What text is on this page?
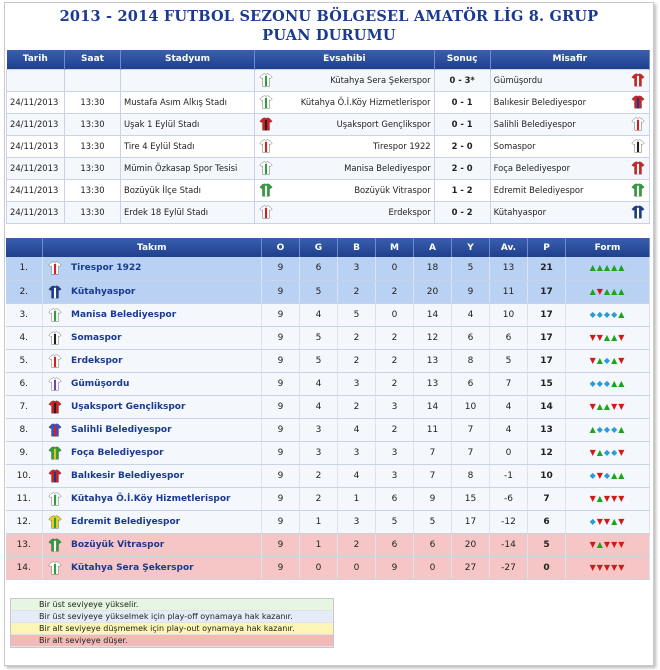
2013 - 2014 FUTBOL SEZONU BÖLGESEL AMATÖR LİG 8. GRUP
PUAN DURUMU
Tarih	Saat	Stadyum	Evsahibi		Sonuç	Misafir	
				Kütahya Sera Şekerspor	0 - 3*	Gümüşordu	
24/11/2013	13:30	Mustafa Asım Alkış Stadı		Kütahya Ö.İ.Köy Hizmetlerispor	0 - 1	Balıkesir Belediyespor	
24/11/2013	13:30	Uşak 1 Eylül Stadı		Uşaksport Gençlikspor	0 - 1	Salihli Belediyespor	
24/11/2013	13:30	Tire 4 Eylül Stadı		Tirespor 1922	2 - 0	Somaspor	
24/11/2013	13:30	Mümin Özkasap Spor Tesisi		Manisa Belediyespor	2 - 0	Foça Belediyespor	
24/11/2013	13:30	Bozüyük İlçe Stadı		Bozüyük Vitraspor	1 - 2	Edremit Belediyespor	
24/11/2013	13:30	Erdek 18 Eylül Stadı		Erdekspor	0 - 2	Kütahyaspor	
	Takım		O	G	B	M	A	Y	Av.	P	Form
1.		Tirespor 1922	9	6	3	0	18	5	13	21	▲▲▲▲▲
2.		Kütahyaspor	9	5	2	2	20	9	11	17	▲▼▲▲▲
3.		Manisa Belediyespor	9	4	5	0	14	4	10	17	◆◆◆◆▲
4.		Somaspor	9	5	2	2	12	6	6	17	▼▼▲▲▼
5.		Erdekspor	9	5	2	2	13	8	5	17	▼▲◆▲▼
6.		Gümüşordu	9	4	3	2	13	6	7	15	◆◆◆▲▲
7.		Uşaksport Gençlikspor	9	4	2	3	14	10	4	14	▼▲▲▼▼
8.		Salihli Belediyespor	9	3	4	2	11	7	4	13	▲◆◆◆▲
9.		Foça Belediyespor	9	3	3	3	7	7	0	12	▼▲◆◆▼
10.		Balıkesir Belediyespor	9	2	4	3	7	8	-1	10	◆▼◆▲▲
11.		Kütahya Ö.İ.Köy Hizmetlerispor	9	2	1	6	9	15	-6	7	▼▲▼▼▼
12.		Edremit Belediyespor	9	1	3	5	5	17	-12	6	◆▼▼▲▼
13.		Bozüyük Vitraspor	9	1	2	6	6	20	-14	5	▼▲▼▼▼
14.		Kütahya Sera Şekerspor	9	0	0	9	0	27	-27	0	▼▼▼▼▼
Bir üst seviyeye yükselir.
Bir üst seviyeye yükselmek için play-off oynamaya hak kazanır.
Bir alt seviyeye düşmemek için play-out oynamaya hak kazanır.
Bir alt seviyeye düşer.
